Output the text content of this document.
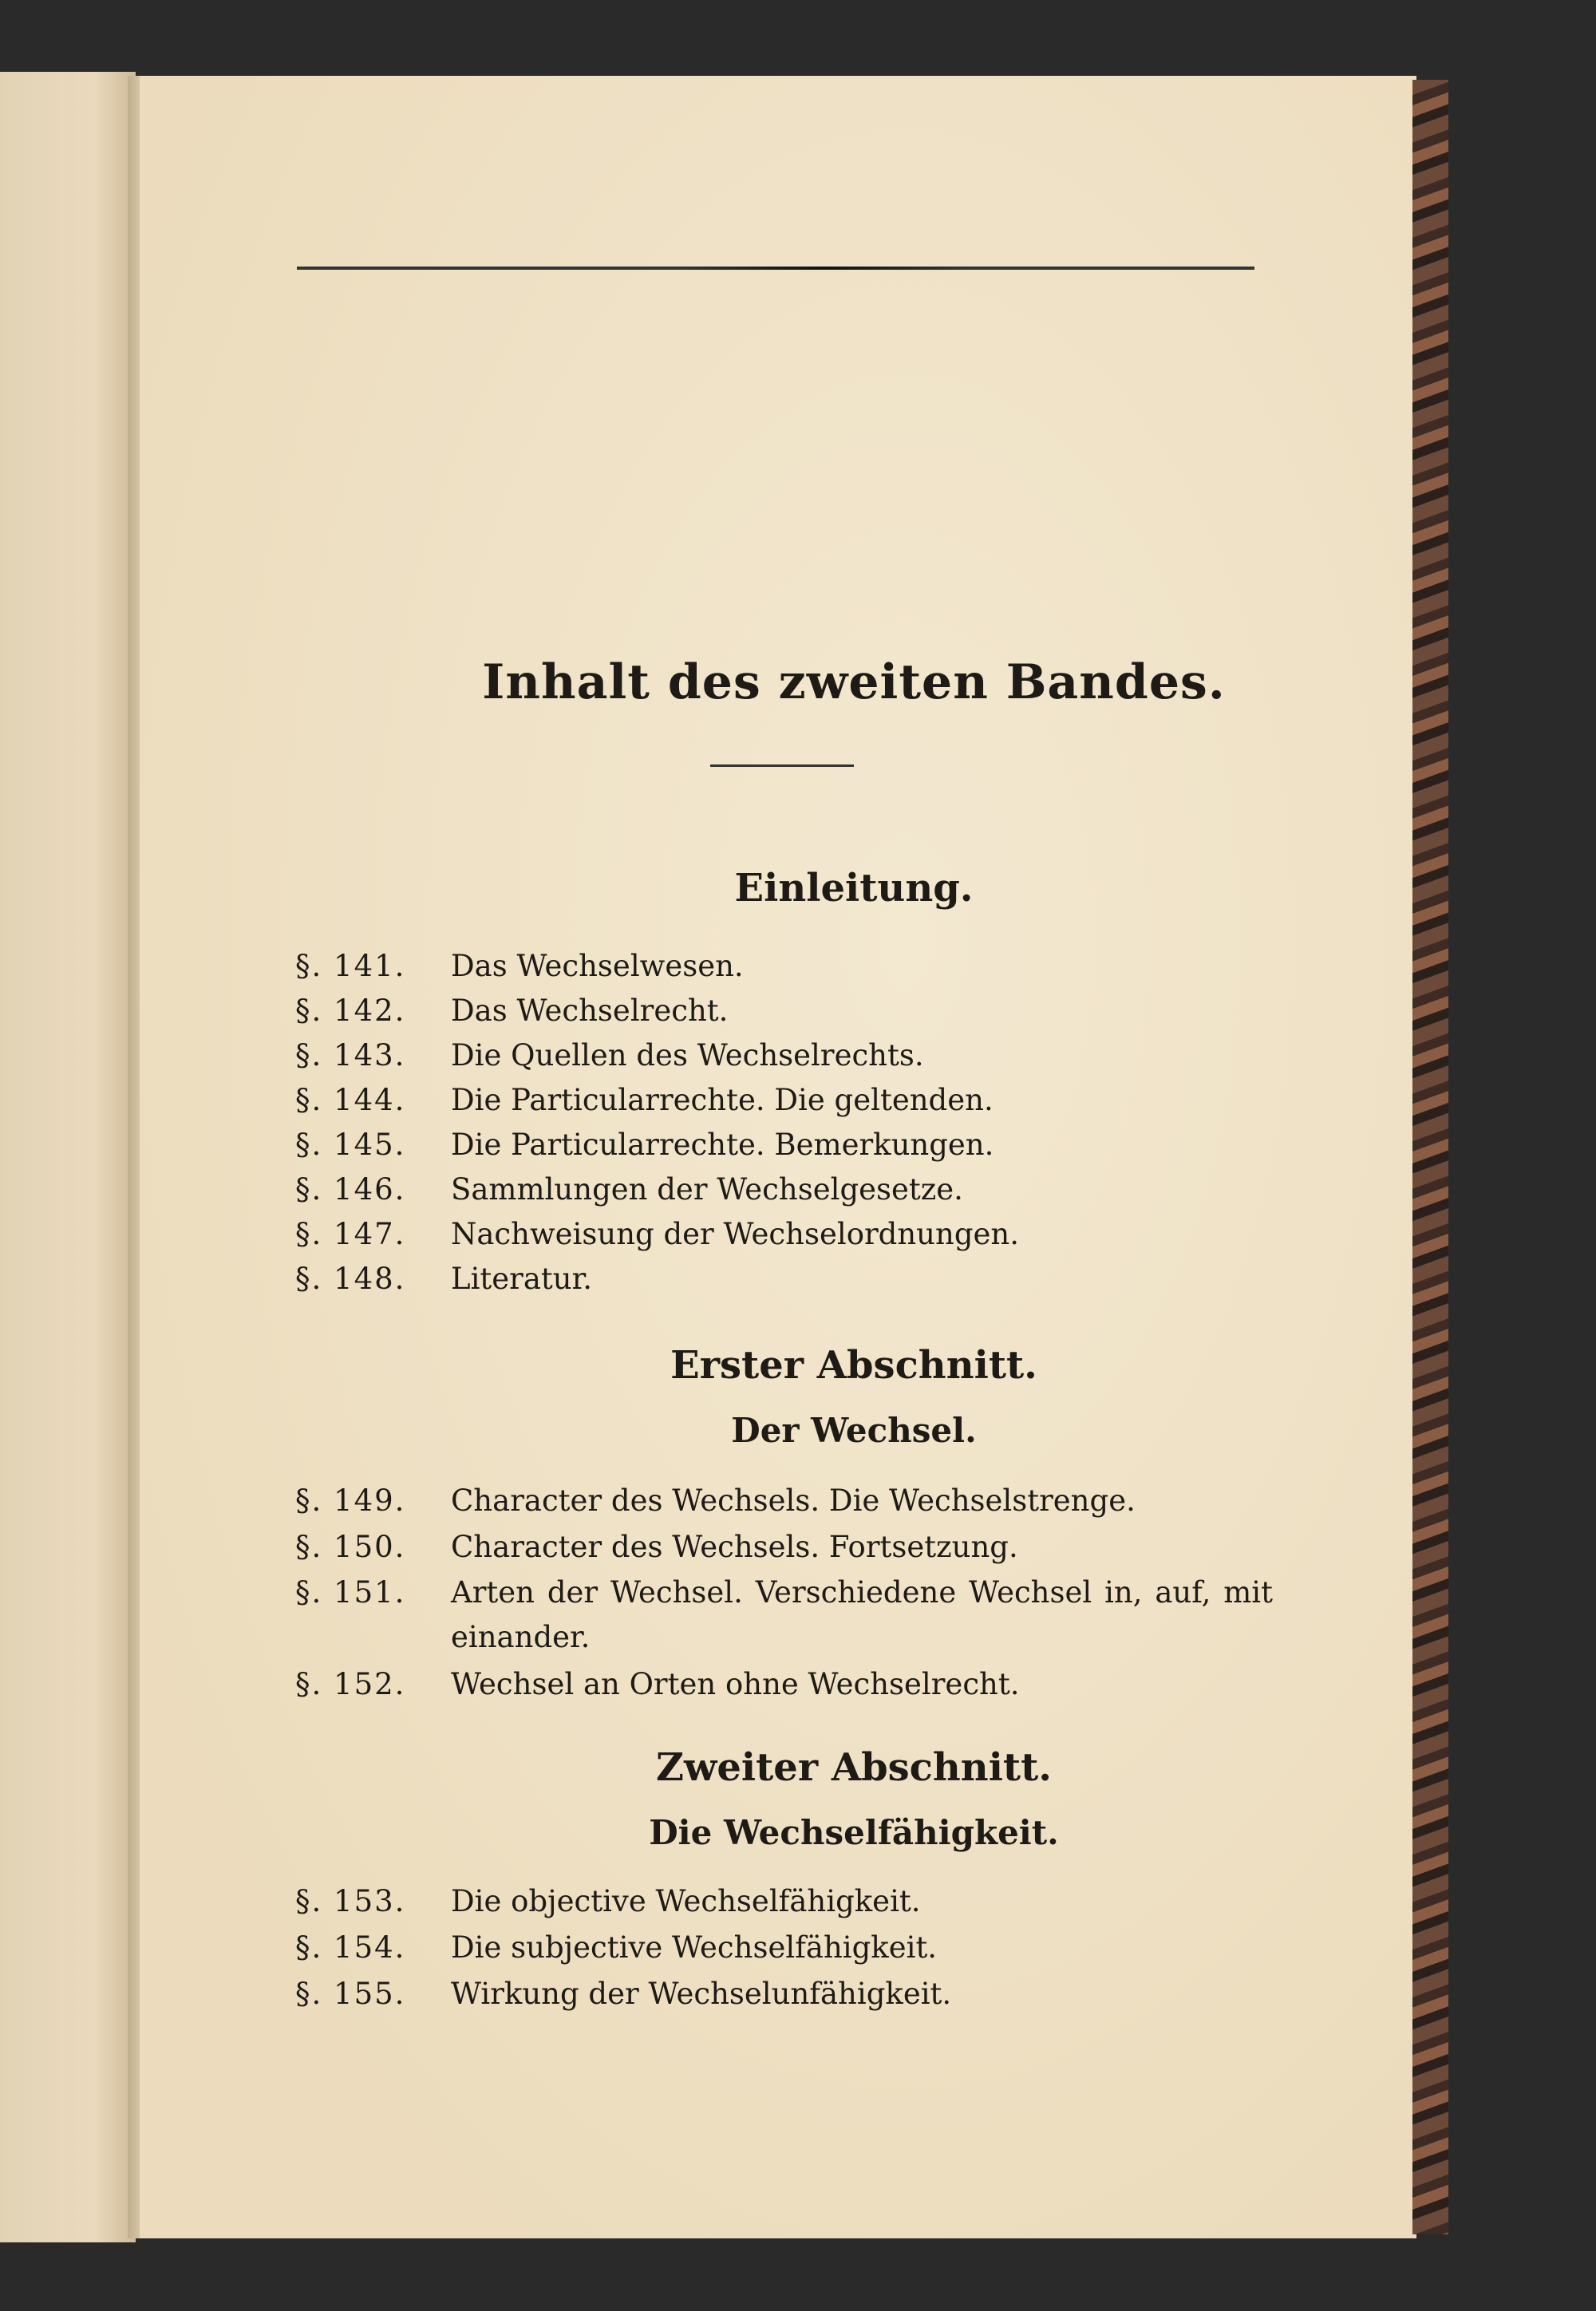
Inhalt des zweiten Bandes.
Einleitung.
§. 141.	Das Wechselwesen.
§. 142.	Das Wechselrecht.
§. 143.	Die Quellen des Wechselrechts.
§. 144.	Die Particularrechte. Die geltenden.
§. 145.	Die Particularrechte. Bemerkungen.
§. 146.	Sammlungen der Wechselgesetze.
§. 147.	Nachweisung der Wechselordnungen.
§. 148.	Literatur.
Erster Abschnitt.
Der Wechsel.
§. 149.	Character des Wechsels. Die Wechselstrenge.
§. 150.	Character des Wechsels. Fortsetzung.
§. 151.	Arten der Wechsel. Verschiedene Wechsel in, auf, mit einander.
§. 152.	Wechsel an Orten ohne Wechselrecht.
Zweiter Abschnitt.
Die Wechselfähigkeit.
§. 153.	Die objective Wechselfähigkeit.
§. 154.	Die subjective Wechselfähigkeit.
§. 155.	Wirkung der Wechselunfähigkeit.
